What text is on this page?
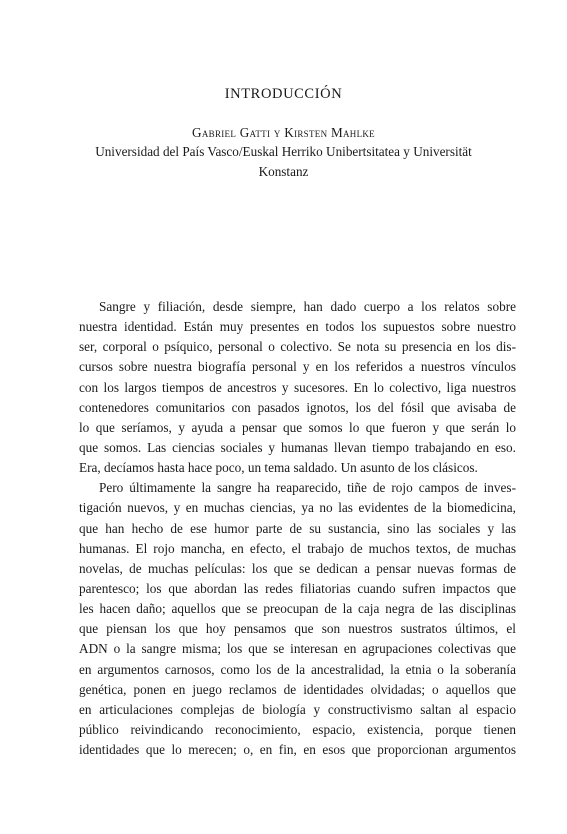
INTRODUCCIÓN
Gabriel Gatti y Kirsten Mahlke
Universidad del País Vasco/Euskal Herriko Unibertsitatea y Universität
Konstanz
Sangre y filiación, desde siempre, han dado cuerpo a los relatos sobre
nuestra identidad. Están muy presentes en todos los supuestos sobre nuestro
ser, corporal o psíquico, personal o colectivo. Se nota su presencia en los dis-
cursos sobre nuestra biografía personal y en los referidos a nuestros vínculos
con los largos tiempos de ancestros y sucesores. En lo colectivo, liga nuestros
contenedores comunitarios con pasados ignotos, los del fósil que avisaba de
lo que seríamos, y ayuda a pensar que somos lo que fueron y que serán lo
que somos. Las ciencias sociales y humanas llevan tiempo trabajando en eso.
Era, decíamos hasta hace poco, un tema saldado. Un asunto de los clásicos.
Pero últimamente la sangre ha reaparecido, tiñe de rojo campos de inves-
tigación nuevos, y en muchas ciencias, ya no las evidentes de la biomedicina,
que han hecho de ese humor parte de su sustancia, sino las sociales y las
humanas. El rojo mancha, en efecto, el trabajo de muchos textos, de muchas
novelas, de muchas películas: los que se dedican a pensar nuevas formas de
parentesco; los que abordan las redes filiatorias cuando sufren impactos que
les hacen daño; aquellos que se preocupan de la caja negra de las disciplinas
que piensan los que hoy pensamos que son nuestros sustratos últimos, el
ADN o la sangre misma; los que se interesan en agrupaciones colectivas que
en argumentos carnosos, como los de la ancestralidad, la etnia o la soberanía
genética, ponen en juego reclamos de identidades olvidadas; o aquellos que
en articulaciones complejas de biología y constructivismo saltan al espacio
público reivindicando reconocimiento, espacio, existencia, porque tienen
identidades que lo merecen; o, en fin, en esos que proporcionan argumentos
